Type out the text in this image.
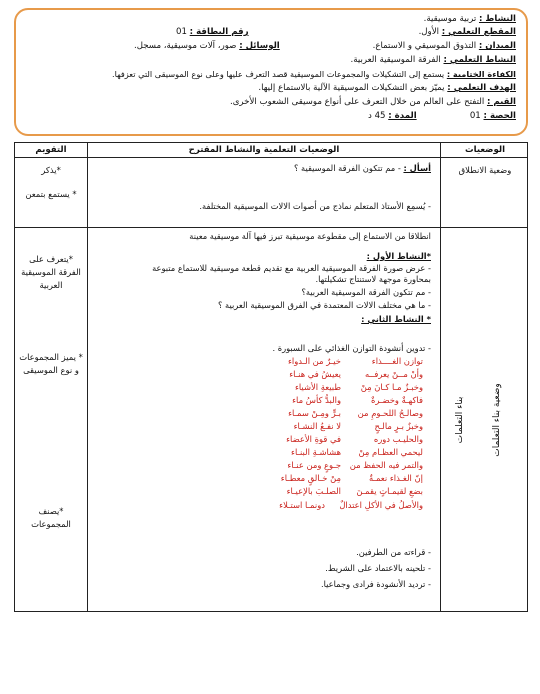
النشاط : تربية موسيقية.
المقطع التعلمي : الأول.
رقم البطاقة : 01
الميدان : التذوق الموسيقي و الاستماع.
الوسائل : صور، آلات موسيقية، مسجل.
النشاط التعلمي : الفرقة الموسيقية العربية.
الكفاءة الختامية : يستمع إلى التشكيلات والمجموعات الموسيقية قصد التعرف عليها وعلى نوع الموسيقى التي تعزفها.
الهدف التعلمي : يميّز بعض التشكيلات الموسيقية الآلية بالاستماع إليها.
القيم : التفتح على العالم من خلال التعرف على أنواع موسيقى الشعوب الأخرى.
الحصة : 01
المدة : 45 د
الوضعيات
الوضعيات التعلمية والنشاط المقترح
التقويم
وضعية الانطلاق
أسأل : - مم تتكون الفرقة الموسيقية ؟
- يُسمِع الأستاذ المتعلم نماذج من أصوات الالات الموسيقية المختلفة.
*يذكر
* يستمع بتمعن
انطلاقا من الاستماع إلى مقطوعة موسيقية تبرز فيها آلة موسيقية معينة
*النشاط الأول :
- عرض صورة الفرقة الموسيقية العربية مع تقديم قطعة موسيقية للاستماع متبوعة
بمحاورة موجهة لاستنتاج تشكيلتها.
- مم تتكون الفرقة الموسيقية العربية؟
- ما هي مختلف الالات المعتمدة في الفرق الموسيقية العربية ؟
* النشاط الثاني :
- تدوين أنشودة التوازن الغذائي على السبورة .
توازن الغــــذاء
خيـرٌ من الـدواء
وأنْ مــنْ يعرفــه
يعيشُ في هنـاء
وخبـزٌ مـا كـانَ مِنْ
طبيعةِ الأشياء
فاكهـةٌ وخضـرةٌ
والبدُّ كأسُ ماء
وصالـحُ اللحـومِ من
بـرٍّ ومِـنْ سمـاء
وخبزٌ بـرٍ مالـحٍ
لا نفـعُ النشـاء
والحليـب دوره
في قوةِ الأعضاء
ليحمي العظـام مِنْ
هشاشـةِ البنـاء
والتمر فيه الحفظ من
جـوعٍ ومن عنـاء
إنّ الغـذاء نعمـةٌ
مِنْ خـالقٍ معطـاء
بضعِ لقيمـاتٍ يقمـنَ
الصلـبَ بالإعيـاء
والأصلُ في الأكلِ اعتدالٌ
دونمـا استـلاء
- قراءته من الطرفين.
- تلحينه بالاعتماد على الشريط.
- ترديد الأنشودة فرادى وجماعيا.
بناء التعلمات	وضعية بناء التعلمات
*يتعرف على الفرقة الموسيقية العربية
* يميز المجموعات و نوع الموسيقى
*يصنف المجموعات
